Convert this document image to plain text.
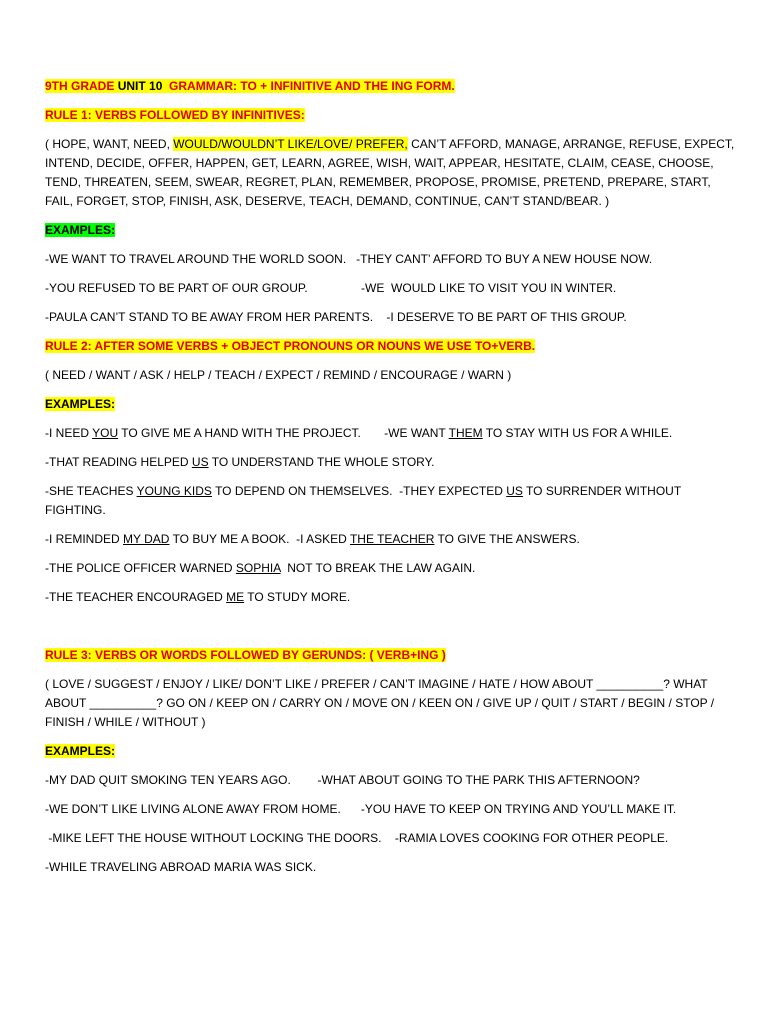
9TH GRADE UNIT 10  GRAMMAR: TO + INFINITIVE AND THE ING FORM.

RULE 1: VERBS FOLLOWED BY INFINITIVES:

( HOPE, WANT, NEED, WOULD/WOULDN’T LIKE/LOVE/ PREFER, CAN’T AFFORD, MANAGE, ARRANGE, REFUSE, EXPECT, INTEND, DECIDE, OFFER, HAPPEN, GET, LEARN, AGREE, WISH, WAIT, APPEAR, HESITATE, CLAIM, CEASE, CHOOSE, TEND, THREATEN, SEEM, SWEAR, REGRET, PLAN, REMEMBER, PROPOSE, PROMISE, PRETEND, PREPARE, START, FAIL, FORGET, STOP, FINISH, ASK, DESERVE, TEACH, DEMAND, CONTINUE, CAN’T STAND/BEAR. )

EXAMPLES:

-WE WANT TO TRAVEL AROUND THE WORLD SOON.   -THEY CANT’ AFFORD TO BUY A NEW HOUSE NOW.

-YOU REFUSED TO BE PART OF OUR GROUP.                -WE  WOULD LIKE TO VISIT YOU IN WINTER.

-PAULA CAN’T STAND TO BE AWAY FROM HER PARENTS.    -I DESERVE TO BE PART OF THIS GROUP.

RULE 2: AFTER SOME VERBS + OBJECT PRONOUNS OR NOUNS WE USE TO+VERB.

( NEED / WANT / ASK / HELP / TEACH / EXPECT / REMIND / ENCOURAGE / WARN )

EXAMPLES:

-I NEED YOU TO GIVE ME A HAND WITH THE PROJECT.       -WE WANT THEM TO STAY WITH US FOR A WHILE.

-THAT READING HELPED US TO UNDERSTAND THE WHOLE STORY.

-SHE TEACHES YOUNG KIDS TO DEPEND ON THEMSELVES.  -THEY EXPECTED US TO SURRENDER WITHOUT FIGHTING.

-I REMINDED MY DAD TO BUY ME A BOOK.  -I ASKED THE TEACHER TO GIVE THE ANSWERS.

-THE POLICE OFFICER WARNED SOPHIA  NOT TO BREAK THE LAW AGAIN.

-THE TEACHER ENCOURAGED ME TO STUDY MORE.

RULE 3: VERBS OR WORDS FOLLOWED BY GERUNDS: ( VERB+ING )

( LOVE / SUGGEST / ENJOY / LIKE/ DON’T LIKE / PREFER / CAN’T IMAGINE / HATE / HOW ABOUT __________? WHAT ABOUT __________? GO ON / KEEP ON / CARRY ON / MOVE ON / KEEN ON / GIVE UP / QUIT / START / BEGIN / STOP / FINISH / WHILE / WITHOUT )

EXAMPLES:

-MY DAD QUIT SMOKING TEN YEARS AGO.        -WHAT ABOUT GOING TO THE PARK THIS AFTERNOON?

-WE DON’T LIKE LIVING ALONE AWAY FROM HOME.      -YOU HAVE TO KEEP ON TRYING AND YOU’LL MAKE IT.

-MIKE LEFT THE HOUSE WITHOUT LOCKING THE DOORS.    -RAMIA LOVES COOKING FOR OTHER PEOPLE.

-WHILE TRAVELING ABROAD MARIA WAS SICK.
